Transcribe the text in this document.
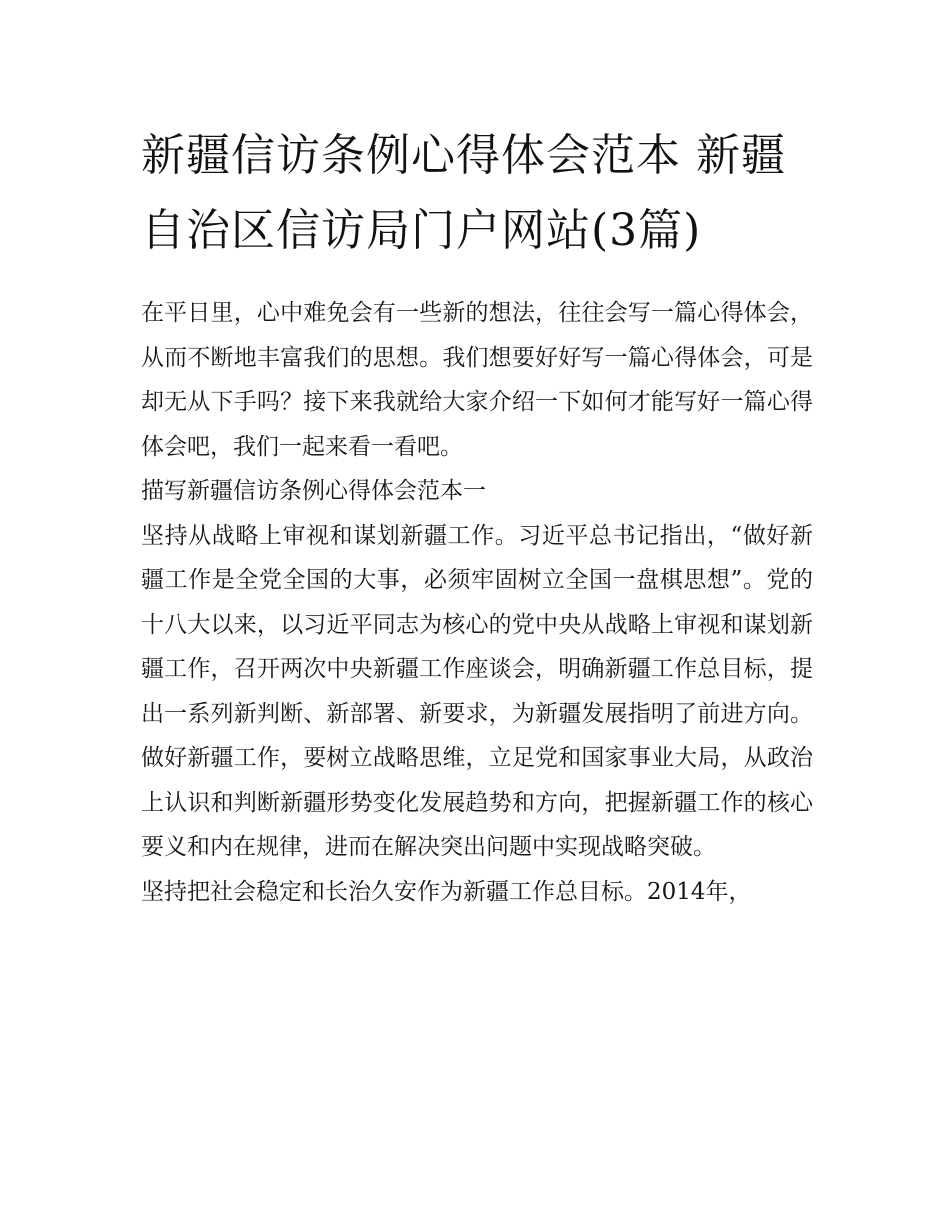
新疆信访条例心得体会范本 新疆自治区信访局门户网站(3篇)

在平日里，心中难免会有一些新的想法，往往会写一篇心得体会，从而不断地丰富我们的思想。我们想要好好写一篇心得体会，可是却无从下手吗？接下来我就给大家介绍一下如何才能写好一篇心得体会吧，我们一起来看一看吧。

描写新疆信访条例心得体会范本一

坚持从战略上审视和谋划新疆工作。习近平总书记指出，“做好新疆工作是全党全国的大事，必须牢固树立全国一盘棋思想”。党的十八大以来，以习近平同志为核心的党中央从战略上审视和谋划新疆工作，召开两次中央新疆工作座谈会，明确新疆工作总目标，提出一系列新判断、新部署、新要求，为新疆发展指明了前进方向。做好新疆工作，要树立战略思维，立足党和国家事业大局，从政治上认识和判断新疆形势变化发展趋势和方向，把握新疆工作的核心要义和内在规律，进而在解决突出问题中实现战略突破。

坚持把社会稳定和长治久安作为新疆工作总目标。2014年，
